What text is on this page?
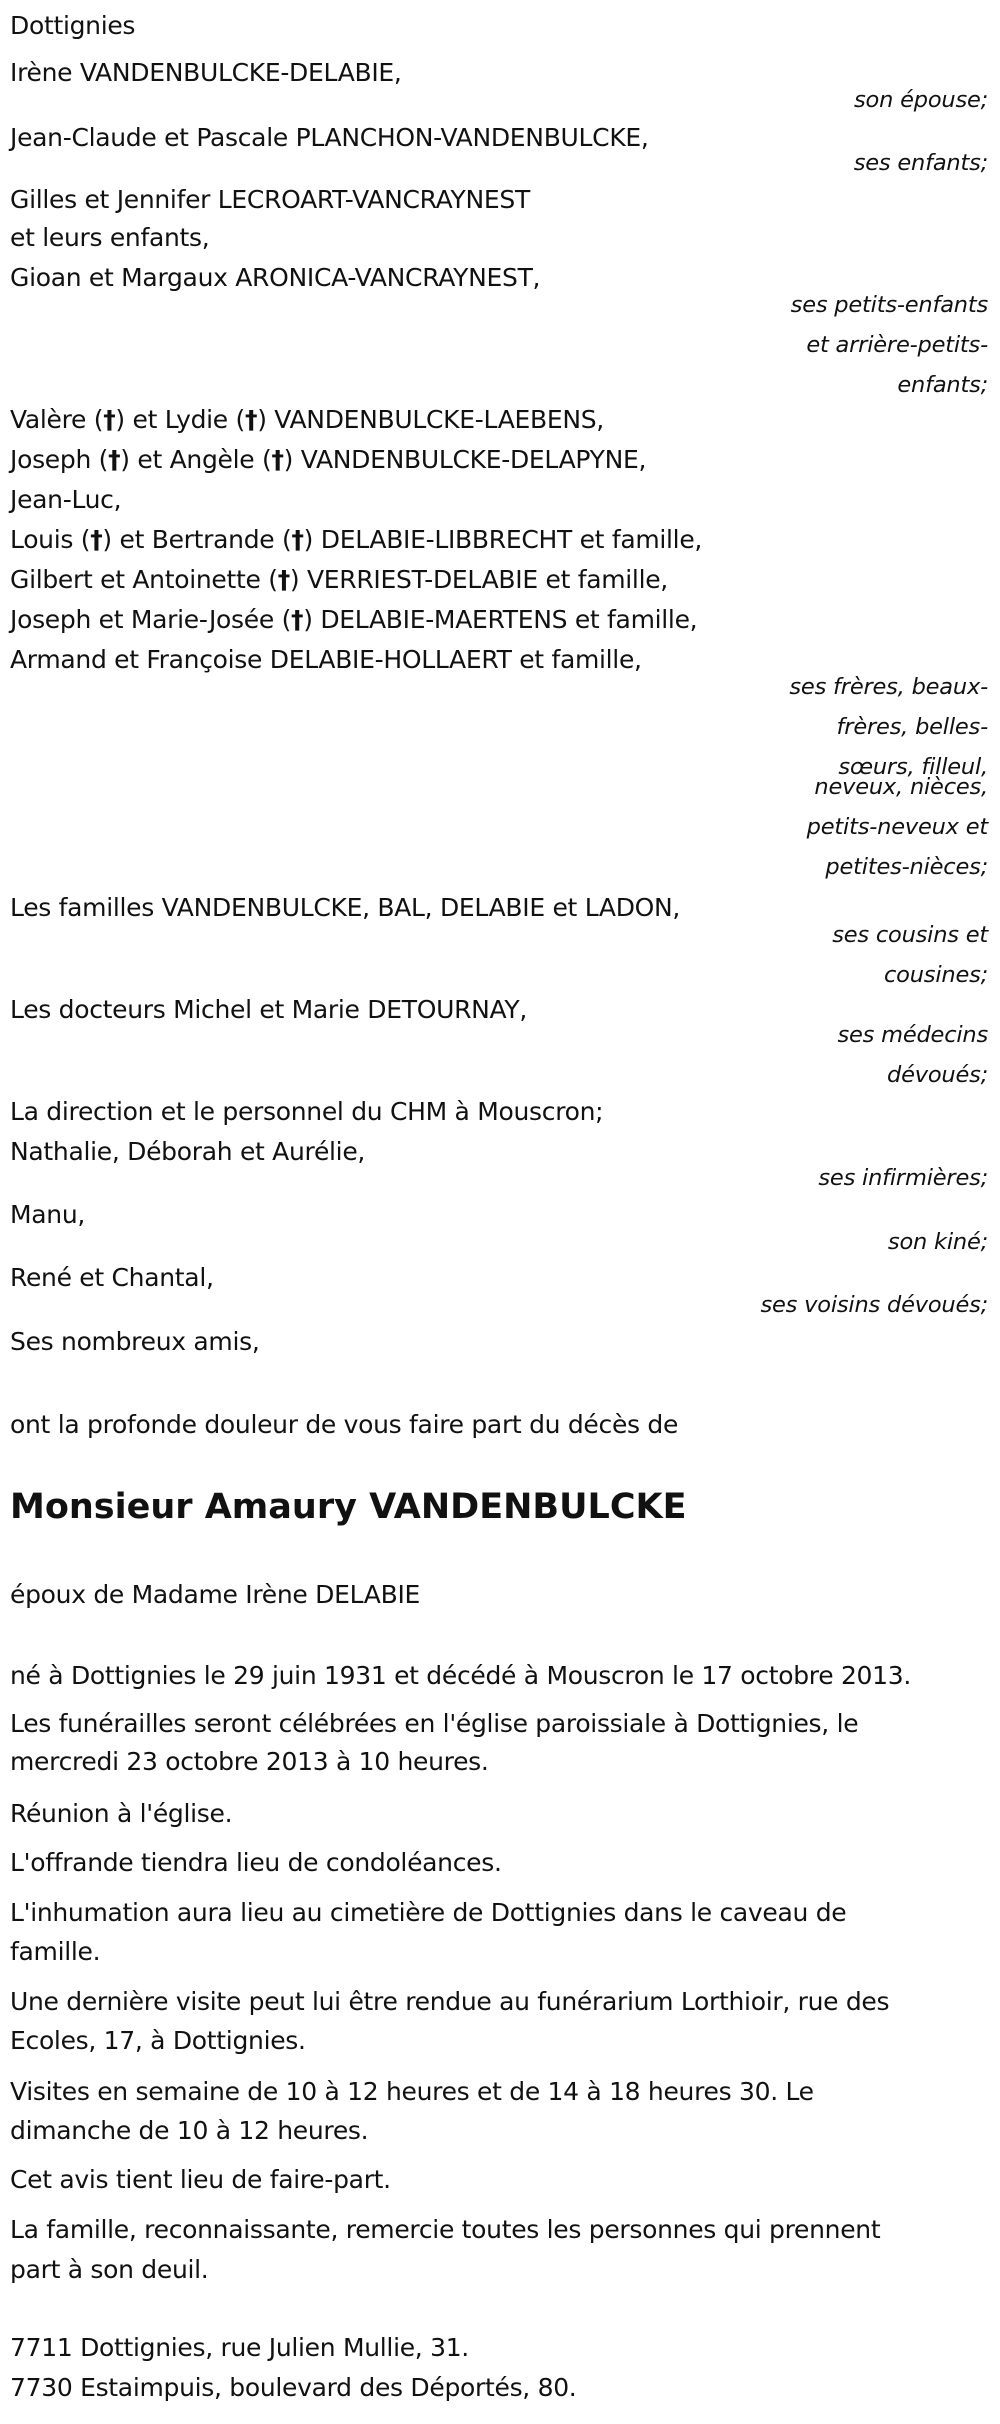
Dottignies
Irène VANDENBULCKE-DELABIE,
Jean-Claude et Pascale PLANCHON-VANDENBULCKE,
Gilles et Jennifer LECROART-VANCRAYNEST
et leurs enfants,
Gioan et Margaux ARONICA-VANCRAYNEST,
Valère (†) et Lydie (†) VANDENBULCKE-LAEBENS,
Joseph (†) et Angèle (†) VANDENBULCKE-DELAPYNE,
Jean-Luc,
Louis (†) et Bertrande (†) DELABIE-LIBBRECHT et famille,
Gilbert et Antoinette (†) VERRIEST-DELABIE et famille,
Joseph et Marie-Josée (†) DELABIE-MAERTENS et famille,
Armand et Françoise DELABIE-HOLLAERT et famille,
Les familles VANDENBULCKE, BAL, DELABIE et LADON,
Les docteurs Michel et Marie DETOURNAY,
La direction et le personnel du CHM à Mouscron;
Nathalie, Déborah et Aurélie,
Manu,
René et Chantal,
Ses nombreux amis,
son épouse;
ses enfants;
ses petits-enfants
et arrière-petits-
enfants;
ses frères, beaux-
frères, belles-
sœurs, filleul,
neveux, nièces,
petits-neveux et
petites-nièces;
ses cousins et
cousines;
ses médecins
dévoués;
ses infirmières;
son kiné;
ses voisins dévoués;
ont la profonde douleur de vous faire part du décès de
Monsieur Amaury VANDENBULCKE
époux de Madame Irène DELABIE
né à Dottignies le 29 juin 1931 et décédé à Mouscron le 17 octobre 2013.
Les funérailles seront célébrées en l'église paroissiale à Dottignies, le
mercredi 23 octobre 2013 à 10 heures.
Réunion à l'église.
L'offrande tiendra lieu de condoléances.
L'inhumation aura lieu au cimetière de Dottignies dans le caveau de
famille.
Une dernière visite peut lui être rendue au funérarium Lorthioir, rue des
Ecoles, 17, à Dottignies.
Visites en semaine de 10 à 12 heures et de 14 à 18 heures 30. Le
dimanche de 10 à 12 heures.
Cet avis tient lieu de faire-part.
La famille, reconnaissante, remercie toutes les personnes qui prennent
part à son deuil.
7711 Dottignies, rue Julien Mullie, 31.
7730 Estaimpuis, boulevard des Déportés, 80.
